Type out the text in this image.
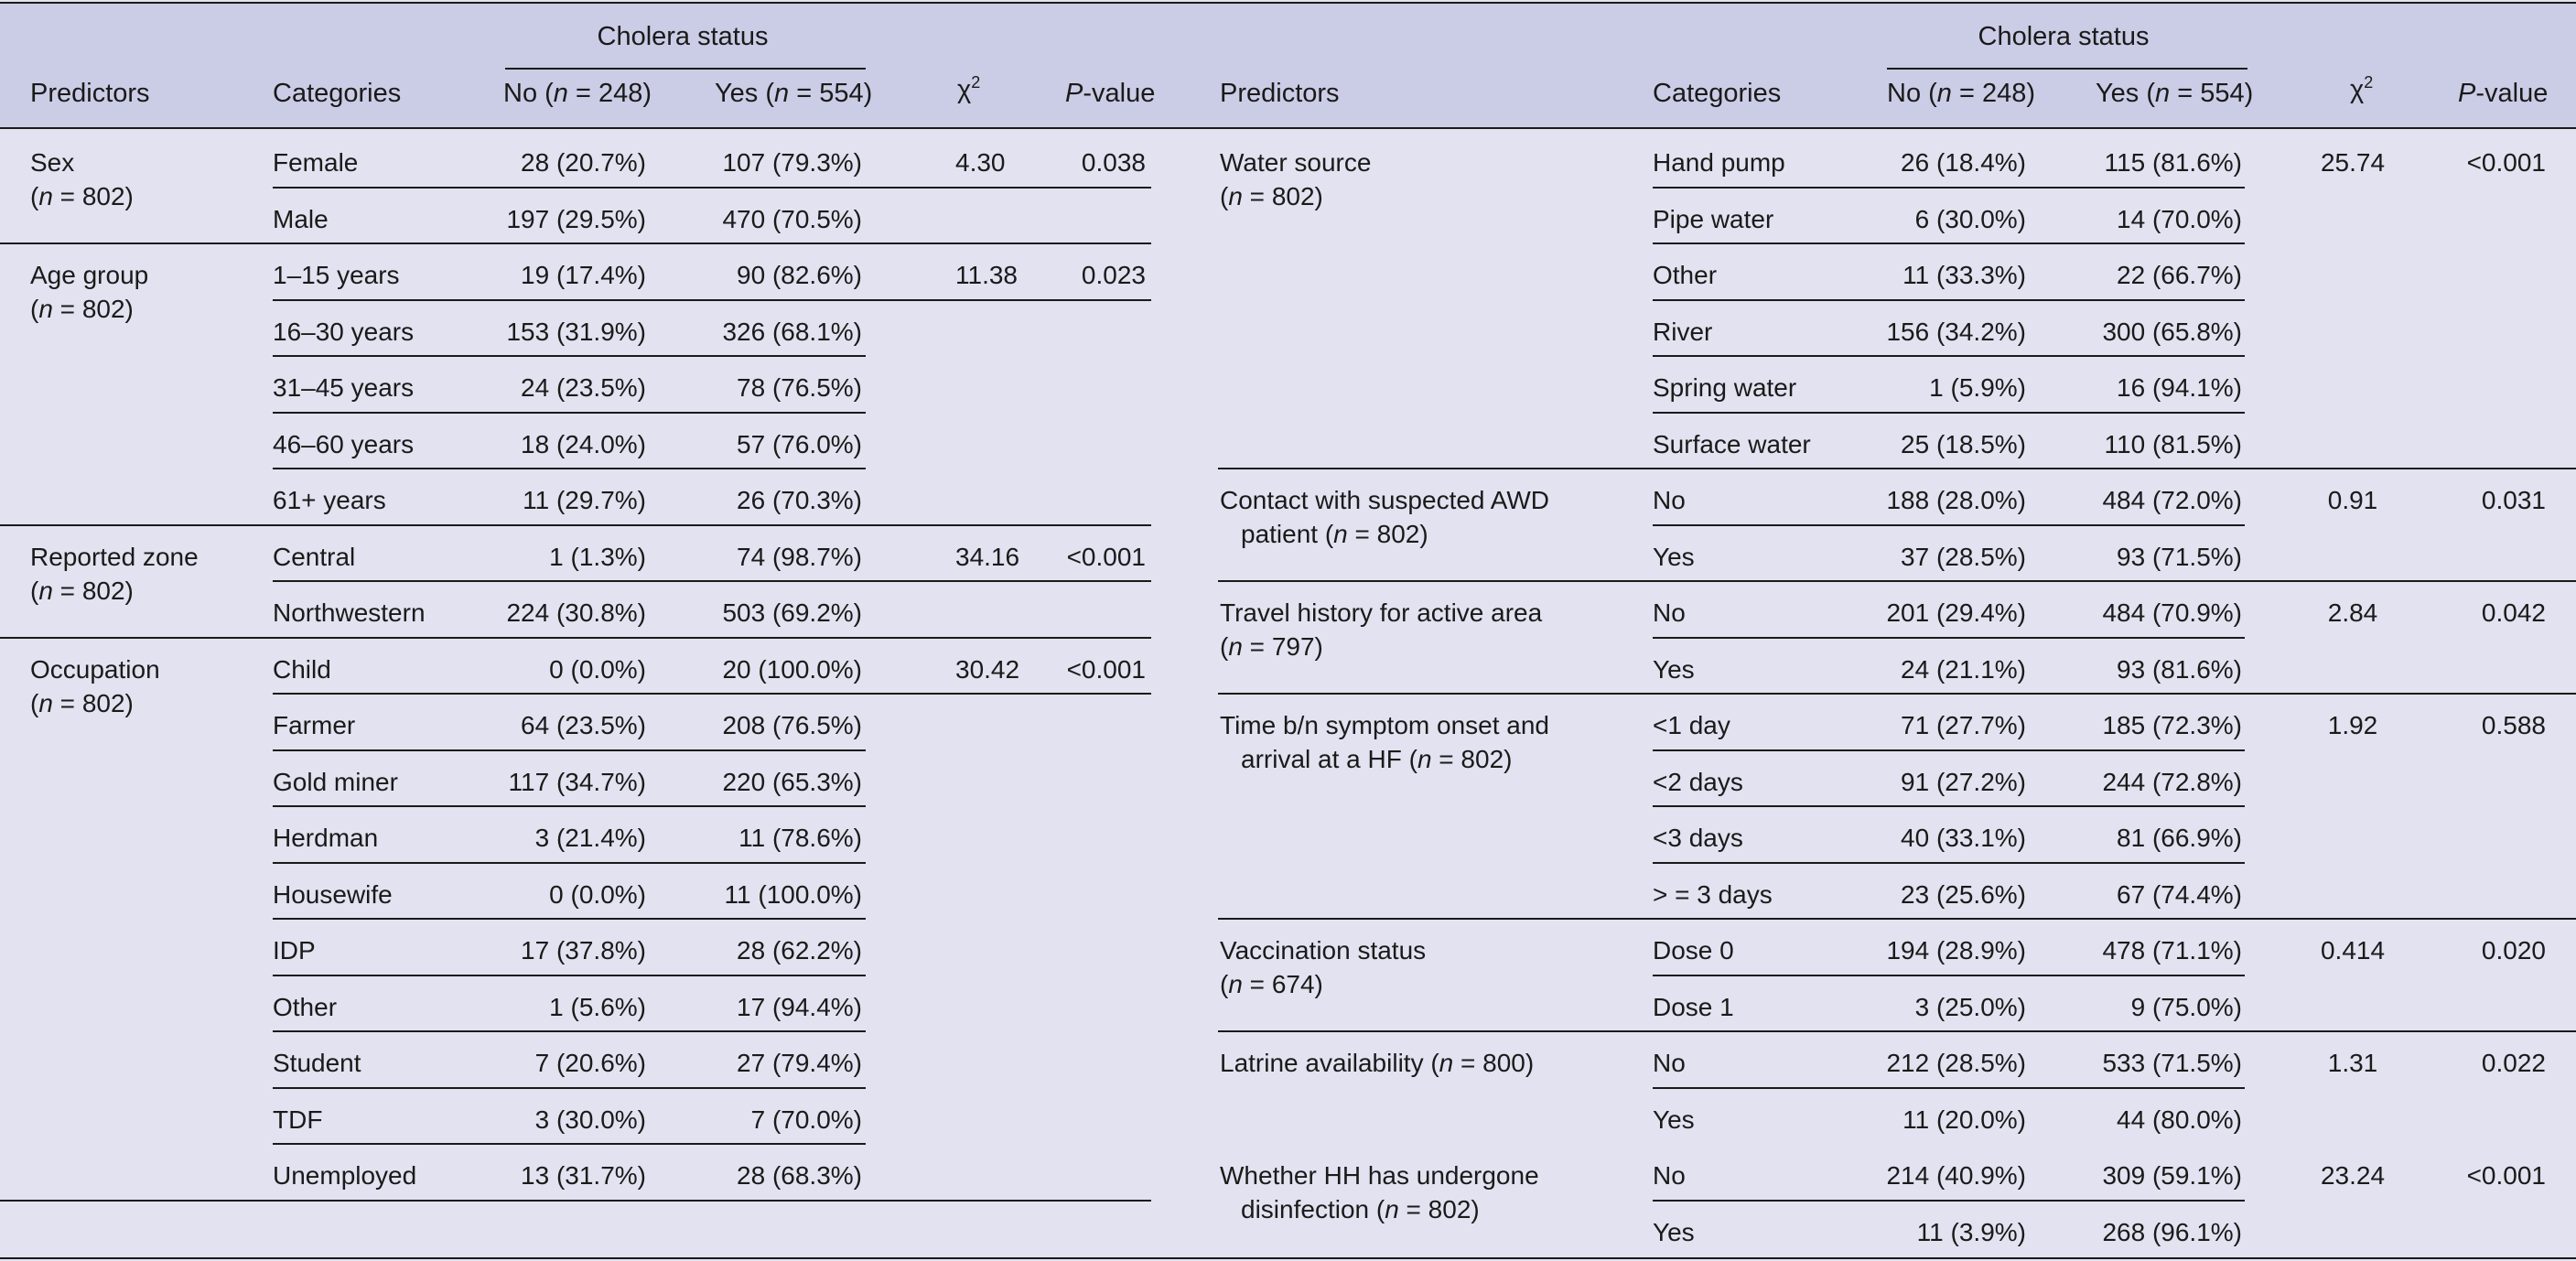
Cholera status
Predictors	Categories	No (n = 248) Yes (n = 554)	$\chi^2$	P-value
Cholera status
Predictors	Categories	No (n = 248) Yes (n = 554)	$\chi^2$	P-value
Sex
(n = 802)
Female	28 (20.7%)	107 (79.3%)	4.30	0.038
Male	197 (29.5%)	470 (70.5%)
Age group
(n = 802)
1–15 years	19 (17.4%)	90 (82.6%)	11.38 0.023
16–30 years	153 (31.9%)	326 (68.1%)
31–45 years	24 (23.5%)	78 (76.5%)
46–60 years	18 (24.0%)	57 (76.0%)
61+ years	11 (29.7%)	26 (70.3%)
Reported zone
(n = 802)
Central	1 (1.3%)	74 (98.7%)	34.16 <0.001
Northwestern	224 (30.8%)	503 (69.2%)
Occupation
(n = 802)
Child	0 (0.0%)	20 (100.0%)	30.42 <0.001
Farmer	64 (23.5%)	208 (76.5%)
Gold miner	117 (34.7%)	220 (65.3%)
Herdman	3 (21.4%)	11 (78.6%)
Housewife	0 (0.0%)	11 (100.0%)
IDP	17 (37.8%)	28 (62.2%)
Other	1 (5.6%)	17 (94.4%)
Student	7 (20.6%)	27 (79.4%)
TDF	3 (30.0%)	7 (70.0%)
Unemployed	13 (31.7%)	28 (68.3%)
Water source
(n = 802)
Hand pump	26 (18.4%)	115 (81.6%)	25.74	<0.001
Pipe water	6 (30.0%)	14 (70.0%)
Other	11 (33.3%)	22 (66.7%)
River	156 (34.2%)	300 (65.8%)
Spring water	1 (5.9%)	16 (94.1%)
Surface water	25 (18.5%)	110 (81.5%)
Contact with suspected AWD
patient (n = 802)
No	188 (28.0%)	484 (72.0%)	0.91	0.031
Yes	37 (28.5%)	93 (71.5%)
Travel history for active area
(n = 797)
No	201 (29.4%)	484 (70.9%)	2.84	0.042
Yes	24 (21.1%)	93 (81.6%)
Time b/n symptom onset and
arrival at a HF (n = 802)
<1 day	71 (27.7%)	185 (72.3%)	1.92	0.588
<2 days	91 (27.2%)	244 (72.8%)
<3 days	40 (33.1%)	81 (66.9%)
> = 3 days	23 (25.6%)	67 (74.4%)
Vaccination status
(n = 674)
Dose 0	194 (28.9%)	478 (71.1%)	0.414	0.020
Dose 1	3 (25.0%)	9 (75.0%)
Latrine availability (n = 800)	No	212 (28.5%)	533 (71.5%)	1.31	0.022
Yes	11 (20.0%)	44 (80.0%)
Whether HH has undergone
disinfection (n = 802)
No	214 (40.9%)	309 (59.1%)	23.24	<0.001
Yes	11 (3.9%)	268 (96.1%)
